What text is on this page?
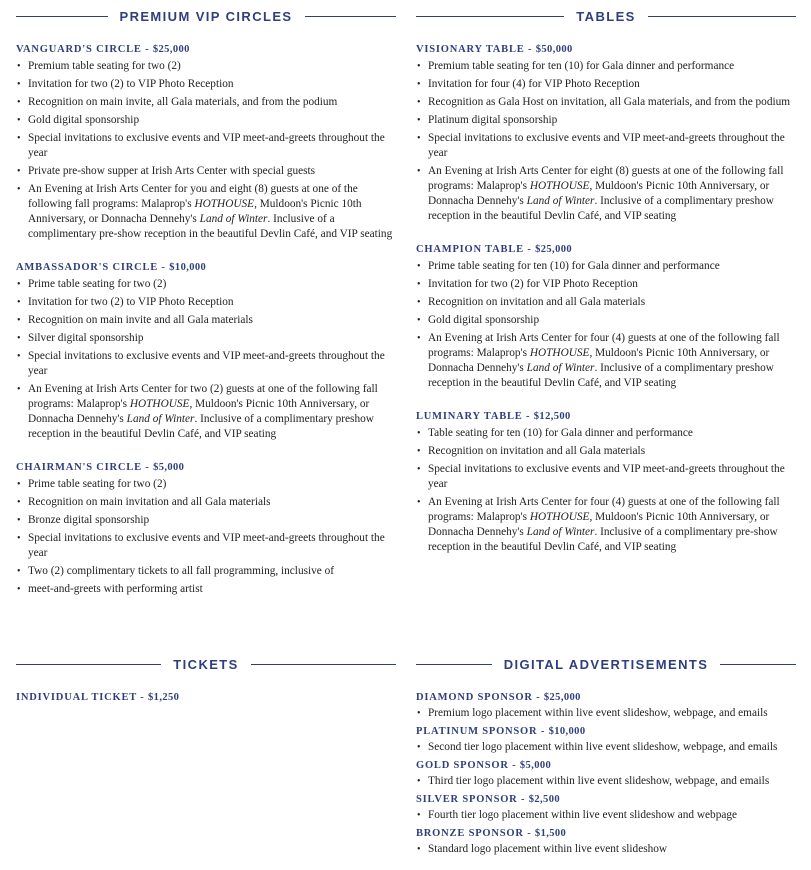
PREMIUM VIP CIRCLES	TABLES
TICKETS	DIGITAL ADVERTISEMENTS
VANGUARD'S CIRCLE - $25,000
• Premium table seating for two (2)
• Invitation for two (2) to VIP Photo Reception
• Recognition on main invite, all Gala materials, and from the podium
• Gold digital sponsorship
• Special invitations to exclusive events and VIP meet-and-greets throughout the year
• Private pre-show supper at Irish Arts Center with special guests
• An Evening at Irish Arts Center for you and eight (8) guests at one of the following fall programs: Malaprop's HOTHOUSE, Muldoon's Picnic 10th Anniversary, or Donnacha Dennehy's Land of Winter. Inclusive of a complimentary pre-show reception in the beautiful Devlin Café, and VIP seating
AMBASSADOR'S CIRCLE - $10,000
• Prime table seating for two (2)
• Invitation for two (2) to VIP Photo Reception
• Recognition on main invite and all Gala materials
• Silver digital sponsorship
• Special invitations to exclusive events and VIP meet-and-greets throughout the year
• An Evening at Irish Arts Center for two (2) guests at one of the following fall programs: Malaprop's HOTHOUSE, Muldoon's Picnic 10th Anniversary, or Donnacha Dennehy's Land of Winter. Inclusive of a complimentary preshow reception in the beautiful Devlin Café, and VIP seating
CHAIRMAN'S CIRCLE - $5,000
• Prime table seating for two (2)
• Recognition on main invitation and all Gala materials
• Bronze digital sponsorship
• Special invitations to exclusive events and VIP meet-and-greets throughout the year
• Two (2) complimentary tickets to all fall programming, inclusive of
• meet-and-greets with performing artist
VISIONARY TABLE - $50,000
• Premium table seating for ten (10) for Gala dinner and performance
• Invitation for four (4) for VIP Photo Reception
• Recognition as Gala Host on invitation, all Gala materials, and from the podium
• Platinum digital sponsorship
• Special invitations to exclusive events and VIP meet-and-greets throughout the year
• An Evening at Irish Arts Center for eight (8) guests at one of the following fall programs: Malaprop's HOTHOUSE, Muldoon's Picnic 10th Anniversary, or Donnacha Dennehy's Land of Winter. Inclusive of a complimentary preshow reception in the beautiful Devlin Café, and VIP seating
CHAMPION TABLE - $25,000
• Prime table seating for ten (10) for Gala dinner and performance
• Invitation for two (2) for VIP Photo Reception
• Recognition on invitation and all Gala materials
• Gold digital sponsorship
• An Evening at Irish Arts Center for four (4) guests at one of the following fall programs: Malaprop's HOTHOUSE, Muldoon's Picnic 10th Anniversary, or Donnacha Dennehy's Land of Winter. Inclusive of a complimentary preshow reception in the beautiful Devlin Café, and VIP seating
LUMINARY TABLE - $12,500
• Table seating for ten (10) for Gala dinner and performance
• Recognition on invitation and all Gala materials
• Special invitations to exclusive events and VIP meet-and-greets throughout the year
• An Evening at Irish Arts Center for four (4) guests at one of the following fall programs: Malaprop's HOTHOUSE, Muldoon's Picnic 10th Anniversary, or Donnacha Dennehy's Land of Winter. Inclusive of a complimentary pre-show reception in the beautiful Devlin Café, and VIP seating
INDIVIDUAL TICKET - $1,250	DIAMOND SPONSOR - $25,000
• Premium logo placement within live event slideshow, webpage, and emails
PLATINUM SPONSOR - $10,000
• Second tier logo placement within live event slideshow, webpage, and emails
GOLD SPONSOR - $5,000
• Third tier logo placement within live event slideshow, webpage, and emails
SILVER SPONSOR - $2,500
• Fourth tier logo placement within live event slideshow and webpage
BRONZE SPONSOR - $1,500
• Standard logo placement within live event slideshow
